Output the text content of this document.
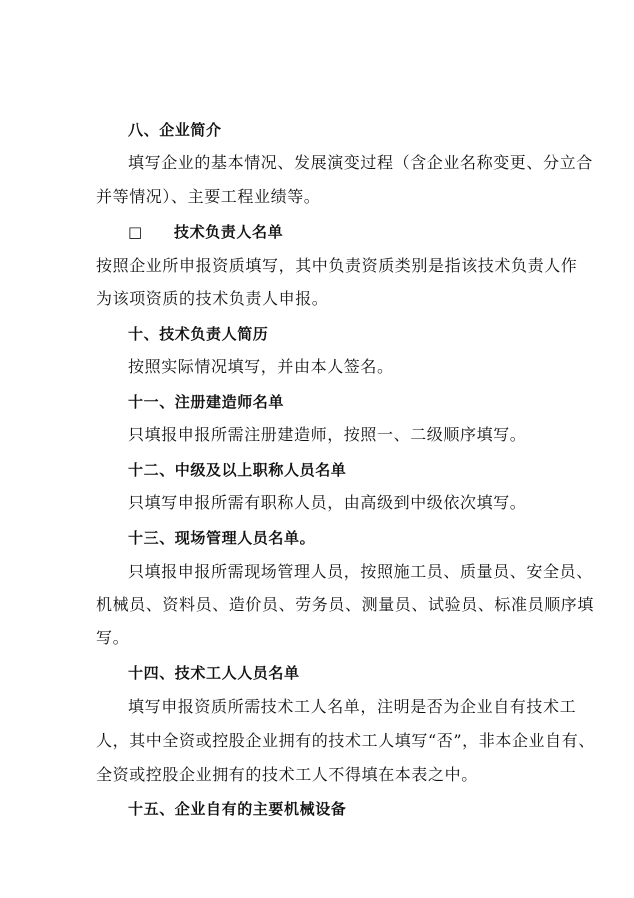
八、企业简介
填写企业的基本情况、发展演变过程（含企业名称变更、分立合
并等情况）、主要工程业绩等。
□　　技术负责人名单
按照企业所申报资质填写，其中负责资质类别是指该技术负责人作
为该项资质的技术负责人申报。
十、技术负责人简历
按照实际情况填写，并由本人签名。
十一、注册建造师名单
只填报申报所需注册建造师，按照一、二级顺序填写。
十二、中级及以上职称人员名单
只填写申报所需有职称人员，由高级到中级依次填写。
十三、现场管理人员名单。
只填报申报所需现场管理人员，按照施工员、质量员、安全员、
机械员、资料员、造价员、劳务员、测量员、试验员、标准员顺序填
写。
十四、技术工人人员名单
填写申报资质所需技术工人名单，注明是否为企业自有技术工
人，其中全资或控股企业拥有的技术工人填写“否”，非本企业自有、
全资或控股企业拥有的技术工人不得填在本表之中。
十五、企业自有的主要机械设备
